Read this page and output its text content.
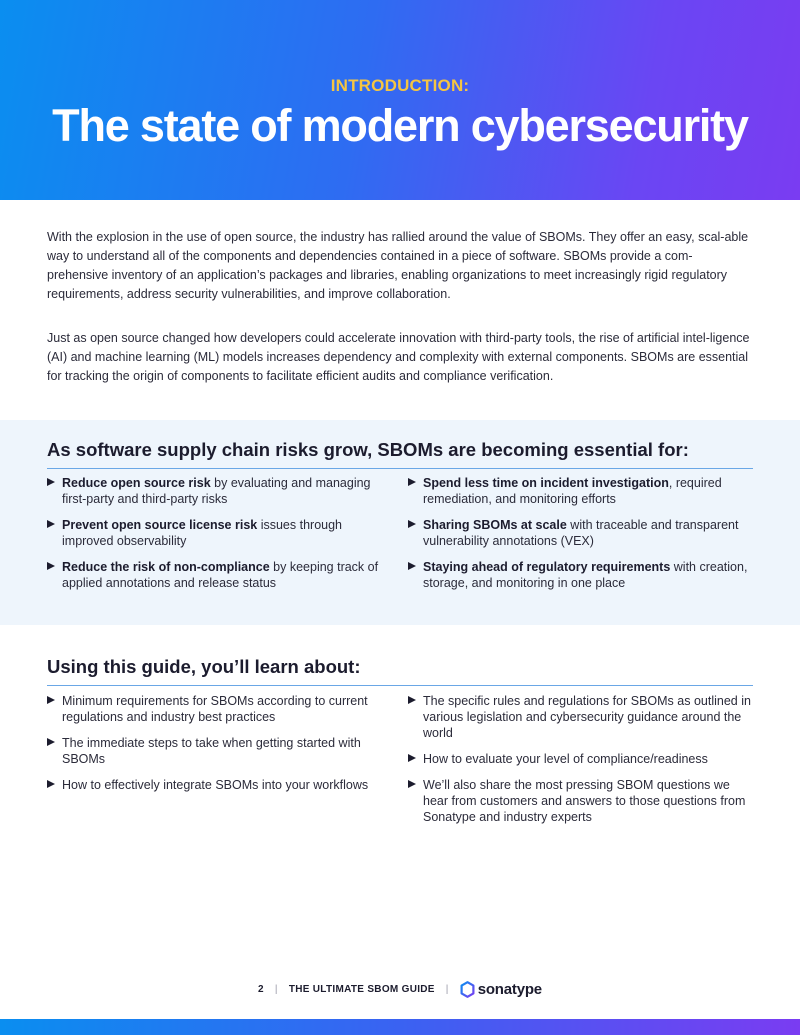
INTRODUCTION:
The state of modern cybersecurity

With the explosion in the use of open source, the industry has rallied around the value of SBOMs. They offer an easy, scal-able way to understand all of the components and dependencies contained in a piece of software. SBOMs provide a com-prehensive inventory of an application’s packages and libraries, enabling organizations to meet increasingly rigid regulatory requirements, address security vulnerabilities, and improve collaboration.

Just as open source changed how developers could accelerate innovation with third-party tools, the rise of artificial intel-ligence (AI) and machine learning (ML) models increases dependency and complexity with external components. SBOMs are essential for tracking the origin of components to facilitate efficient audits and compliance verification.

As software supply chain risks grow, SBOMs are becoming essential for:
Reduce open source risk by evaluating and managing first-party and third-party risks
Prevent open source license risk issues through improved observability
Reduce the risk of non-compliance by keeping track of applied annotations and release status
Spend less time on incident investigation, required remediation, and monitoring efforts
Sharing SBOMs at scale with traceable and transparent vulnerability annotations (VEX)
Staying ahead of regulatory requirements with creation, storage, and monitoring in one place
Using this guide, you’ll learn about:
Minimum requirements for SBOMs according to current regulations and industry best practices
The immediate steps to take when getting started with SBOMs
How to effectively integrate SBOMs into your workflows
The specific rules and regulations for SBOMs as outlined in various legislation and cybersecurity guidance around the world
How to evaluate your level of compliance/readiness
We’ll also share the most pressing SBOM questions we hear from customers and answers to those questions from Sonatype and industry experts
2 | THE ULTIMATE SBOM GUIDE | sonatype
